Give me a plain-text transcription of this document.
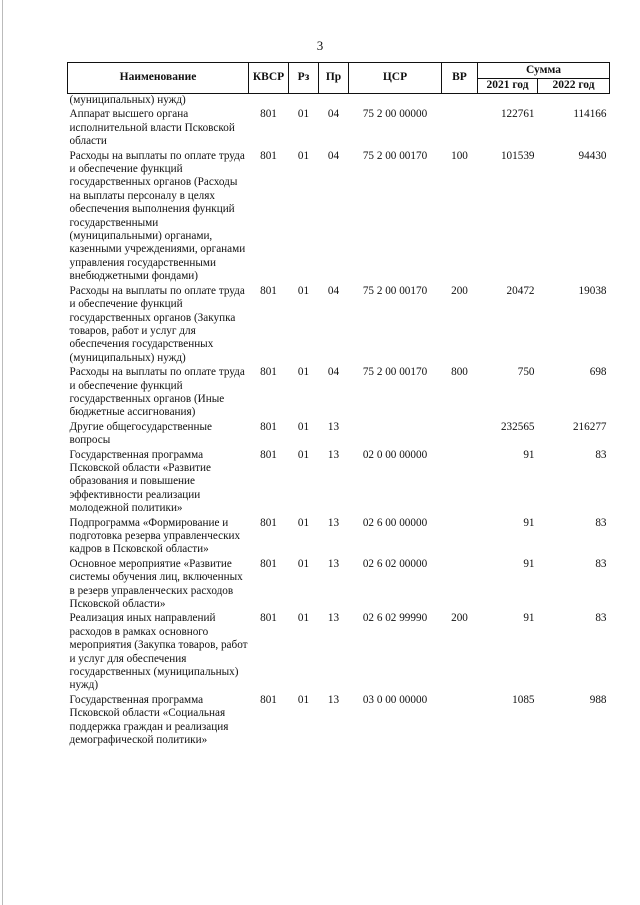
3
Наименование	КВСР	Рз	Пр	ЦСР	ВР	Сумма	
						2021 год	2022 год
(муниципальных) нужд)							
Аппарат высшего органа исполнительной власти Псковской области	801	01	04	75 2 00 00000		122761	114166
Расходы на выплаты по оплате труда и обеспечение функций государственных органов (Расходы на выплаты персоналу в целях обеспечения выполнения функций государственными (муниципальными) органами, казенными учреждениями, органами управления государственными внебюджетными фондами)	801	01	04	75 2 00 00170	100	101539	94430
Расходы на выплаты по оплате труда и обеспечение функций государственных органов (Закупка товаров, работ и услуг для обеспечения государственных (муниципальных) нужд)	801	01	04	75 2 00 00170	200	20472	19038
Расходы на выплаты по оплате труда и обеспечение функций государственных органов (Иные бюджетные ассигнования)	801	01	04	75 2 00 00170	800	750	698
Другие общегосударственные вопросы	801	01	13			232565	216277
Государственная программа Псковской области «Развитие образования и повышение эффективности реализации молодежной политики»	801	01	13	02 0 00 00000		91	83
Подпрограмма «Формирование и подготовка резерва управленческих кадров в Псковской области»	801	01	13	02 6 00 00000		91	83
Основное мероприятие «Развитие системы обучения лиц, включенных в резерв управленческих расходов Псковской области»	801	01	13	02 6 02 00000		91	83
Реализация иных направлений расходов в рамках основного мероприятия (Закупка товаров, работ и услуг для обеспечения государственных (муниципальных) нужд)	801	01	13	02 6 02 99990	200	91	83
Государственная программа Псковской области «Социальная поддержка граждан и реализация демографической политики»	801	01	13	03 0 00 00000		1085	988
